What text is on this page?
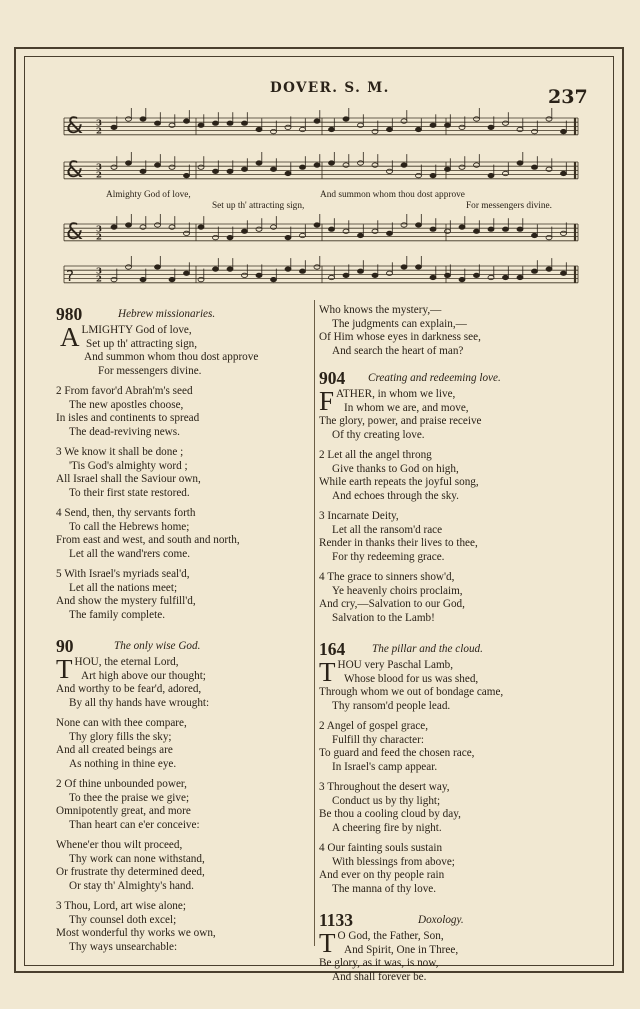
DOVER. S. M.	237
& 3
2
& 3
2
& 3
2
?	3
2
Almighty God of love,
Set up th' attracting sign,
And summon whom thou dost approve
For messengers divine.
980	Hebrew missionaries.
ALMIGHTY God of love,
Set up th' attracting sign,
And summon whom thou dost approve
For messengers divine.
2 From favor'd Abrah'm's seed
The new apostles choose,
In isles and continents to spread
The dead-reviving news.
3 We know it shall be done ;
'Tis God's almighty word ;
All Israel shall the Saviour own,
To their first state restored.
4 Send, then, thy servants forth
To call the Hebrews home;
From east and west, and south and north,
Let all the wand'rers come.
5 With Israel's myriads seal'd,
Let all the nations meet;
And show the mystery fulfill'd,
The family complete.
90	The only wise God.
THOU, the eternal Lord,
Art high above our thought;
And worthy to be fear'd, adored,
By all thy hands have wrought:
None can with thee compare,
Thy glory fills the sky;
And all created beings are
As nothing in thine eye.
2 Of thine unbounded power,
To thee the praise we give;
Omnipotently great, and more
Than heart can e'er conceive:
Whene'er thou wilt proceed,
Thy work can none withstand,
Or frustrate thy determined deed,
Or stay th' Almighty's hand.
3 Thou, Lord, art wise alone;
Thy counsel doth excel;
Most wonderful thy works we own,
Thy ways unsearchable:
Who knows the mystery,—
The judgments can explain,—
Of Him whose eyes in darkness see,
And search the heart of man?
904 Creating and redeeming love.
FATHER, in whom we live,
In whom we are, and move,
The glory, power, and praise receive
Of thy creating love.
2 Let all the angel throng
Give thanks to God on high,
While earth repeats the joyful song,
And echoes through the sky.
3 Incarnate Deity,
Let all the ransom'd race
Render in thanks their lives to thee,
For thy redeeming grace.
4 The grace to sinners show'd,
Ye heavenly choirs proclaim,
And cry,—Salvation to our God,
Salvation to the Lamb!
164 The pillar and the cloud.
THOU very Paschal Lamb,
Whose blood for us was shed,
Through whom we out of bondage came,
Thy ransom'd people lead.
2 Angel of gospel grace,
Fulfill thy character:
To guard and feed the chosen race,
In Israel's camp appear.
3 Throughout the desert way,
Conduct us by thy light;
Be thou a cooling cloud by day,
A cheering fire by night.
4 Our fainting souls sustain
With blessings from above;
And ever on thy people rain
The manna of thy love.
1133	Doxology.
T O God, the Father, Son,
And Spirit, One in Three,
Be glory, as it was, is now,
And shall forever be.
